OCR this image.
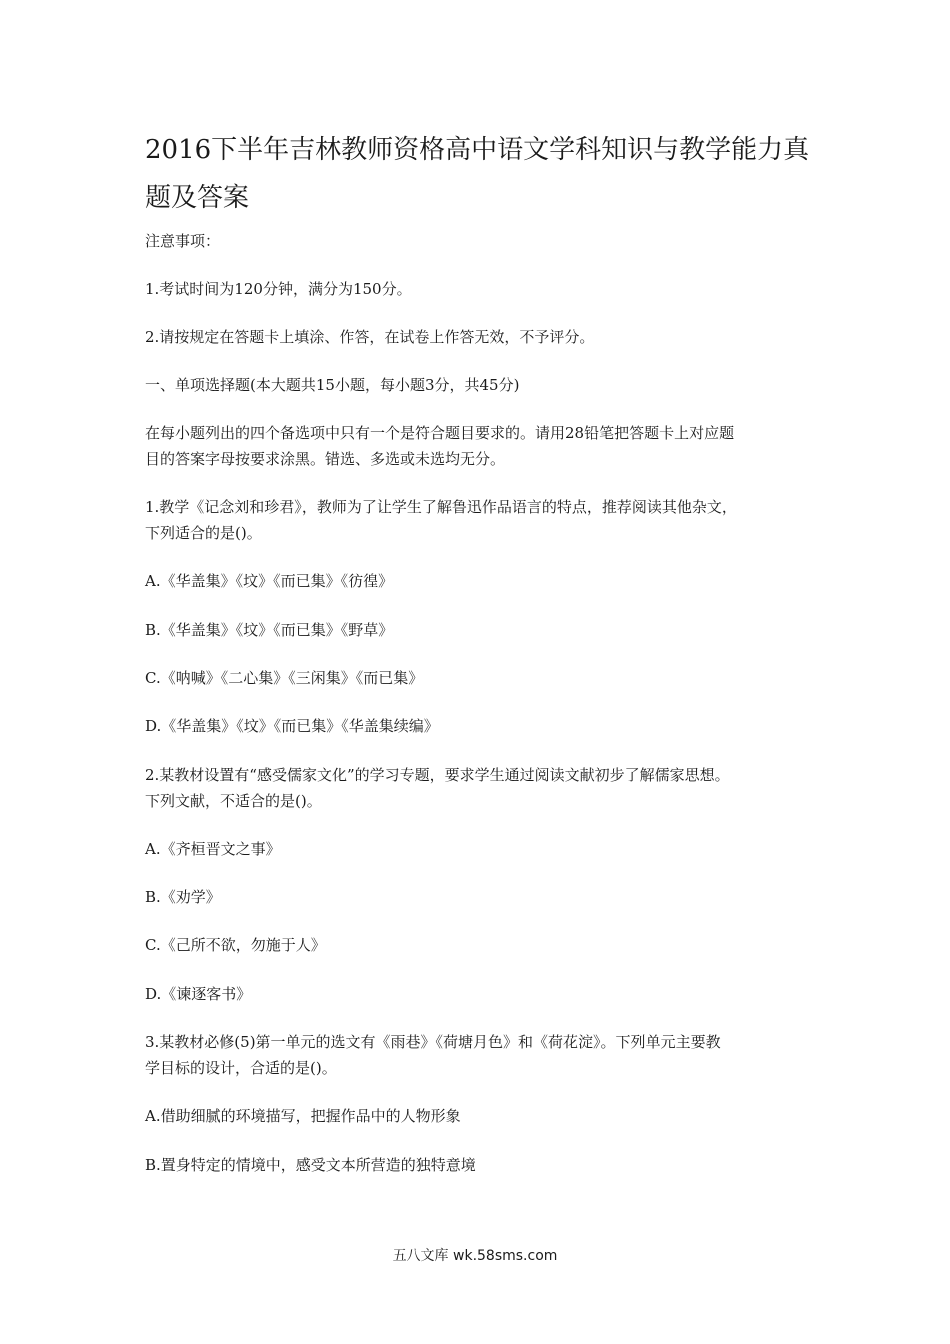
2016下半年吉林教师资格高中语文学科知识与教学能力真
题及答案
注意事项：
1.考试时间为120分钟，满分为150分。
2.请按规定在答题卡上填涂、作答，在试卷上作答无效，不予评分。
一、单项选择题(本大题共15小题，每小题3分，共45分)
在每小题列出的四个备选项中只有一个是符合题目要求的。请用28铅笔把答题卡上对应题
目的答案字母按要求涂黑。错选、多选或未选均无分。
1.教学《记念刘和珍君》，教师为了让学生了解鲁迅作品语言的特点，推荐阅读其他杂文，
下列适合的是()。
A.《华盖集》《坟》《而已集》《彷徨》
B.《华盖集》《坟》《而已集》《野草》
C.《呐喊》《二心集》《三闲集》《而已集》
D.《华盖集》《坟》《而已集》《华盖集续编》
2.某教材设置有“感受儒家文化”的学习专题，要求学生通过阅读文献初步了解儒家思想。
下列文献，不适合的是()。
A.《齐桓晋文之事》
B.《劝学》
C.《己所不欲，勿施于人》
D.《谏逐客书》
3.某教材必修(5)第一单元的选文有《雨巷》《荷塘月色》和《荷花淀》。下列单元主要教
学目标的设计，合适的是()。
A.借助细腻的环境描写，把握作品中的人物形象
B.置身特定的情境中，感受文本所营造的独特意境
五八文库 wk.58sms.com
